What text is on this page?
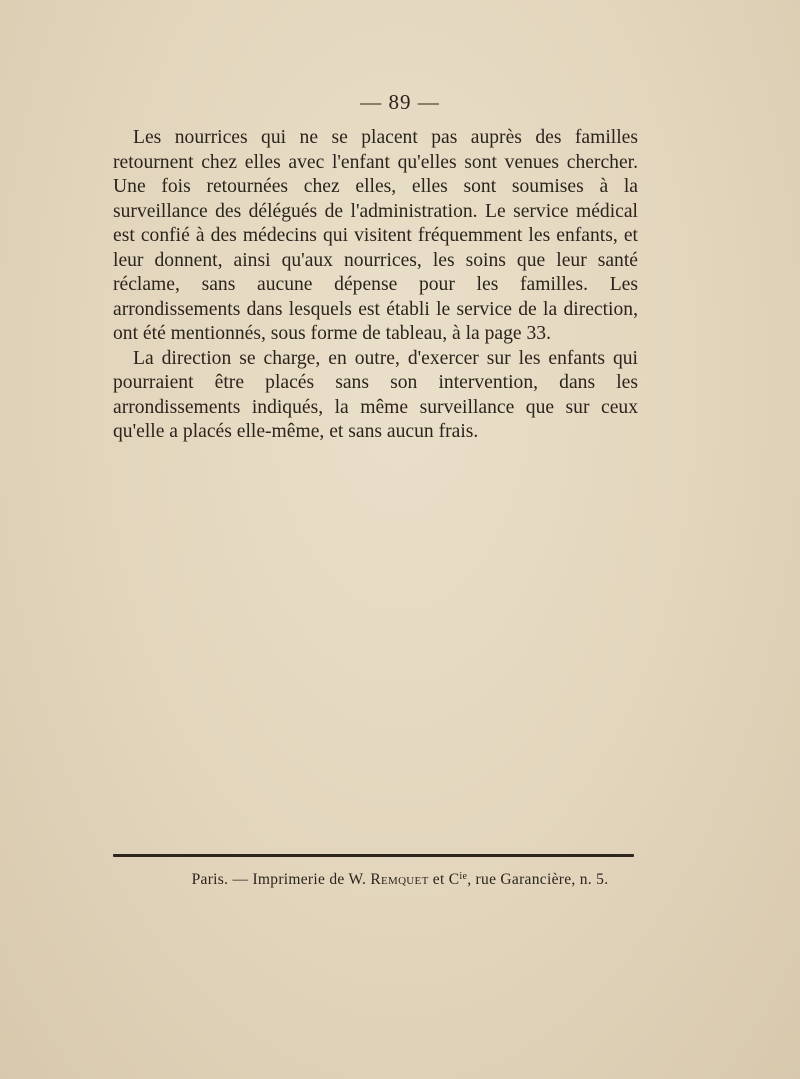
— 89 —

Les nourrices qui ne se placent pas auprès des familles retournent chez elles avec l'enfant qu'elles sont venues chercher. Une fois retournées chez elles, elles sont soumises à la surveillance des délégués de l'administration. Le service médical est confié à des médecins qui visitent fréquemment les enfants, et leur donnent, ainsi qu'aux nourrices, les soins que leur santé réclame, sans aucune dépense pour les familles. Les arrondissements dans lesquels est établi le service de la direction, ont été mentionnés, sous forme de tableau, à la page 33.

La direction se charge, en outre, d'exercer sur les enfants qui pourraient être placés sans son intervention, dans les arrondissements indiqués, la même surveillance que sur ceux qu'elle a placés elle-même, et sans aucun frais.

Paris. — Imprimerie de W. Remquet et $C^{ie}$, rue Garancière, n. 5.
